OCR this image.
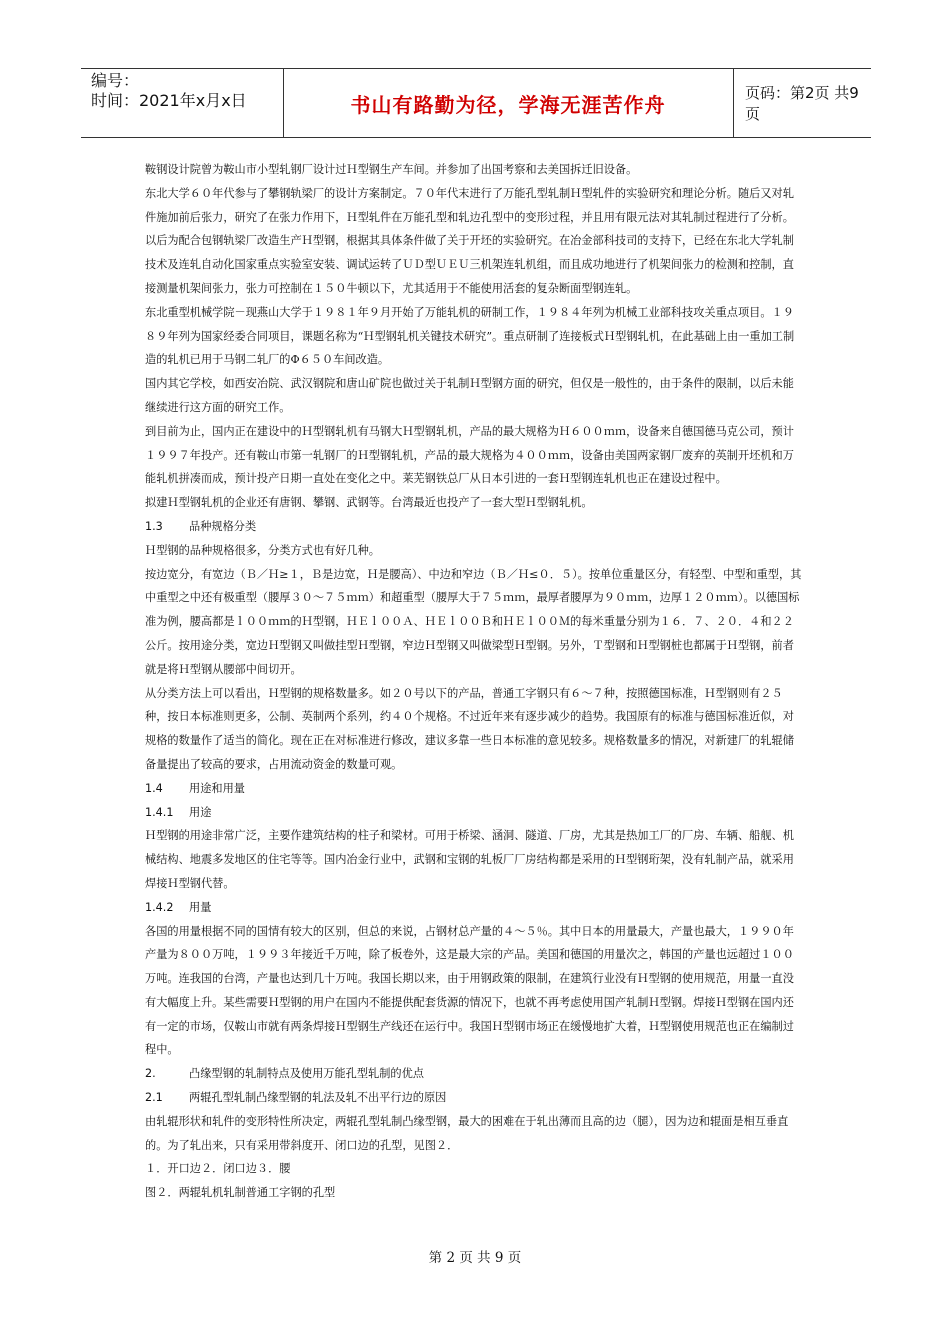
编号：
时间：2021年x月x日	书山有路勤为径，学海无涯苦作舟	页码：第2页 共9页

鞍钢设计院曾为鞍山市小型轧钢厂设计过Ｈ型钢生产车间。并参加了出国考察和去美国拆迁旧设备。

东北大学６０年代参与了攀钢轨梁厂的设计方案制定。７０年代末进行了万能孔型轧制Ｈ型轧件的实验研究和理论分析。随后又对轧件施加前后张力，研究了在张力作用下，Ｈ型轧件在万能孔型和轧边孔型中的变形过程，并且用有限元法对其轧制过程进行了分析。以后为配合包钢轨梁厂改造生产Ｈ型钢，根据其具体条件做了关于开坯的实验研究。在冶金部科技司的支持下，已经在东北大学轧制技术及连轧自动化国家重点实验室安装、调试运转了ＵＤ型ＵＥＵ三机架连轧机组，而且成功地进行了机架间张力的检测和控制，直接测量机架间张力，张力可控制在１５０牛顿以下，尤其适用于不能使用活套的复杂断面型钢连轧。

东北重型机械学院－现燕山大学于１９８１年９月开始了万能轧机的研制工作，１９８４年列为机械工业部科技攻关重点项目。１９８９年列为国家经委合同项目，课题名称为“Ｈ型钢轧机关键技术研究”。重点研制了连接板式Ｈ型钢轧机，在此基础上由一重加工制造的轧机已用于马钢二轧厂的Φ６５０车间改造。

国内其它学校，如西安冶院、武汉钢院和唐山矿院也做过关于轧制Ｈ型钢方面的研究，但仅是一般性的，由于条件的限制，以后未能继续进行这方面的研究工作。

到目前为止，国内正在建设中的Ｈ型钢轧机有马钢大Ｈ型钢轧机，产品的最大规格为Ｈ６００ｍｍ，设备来自德国德马克公司，预计１９９７年投产。还有鞍山市第一轧钢厂的Ｈ型钢轧机，产品的最大规格为４００ｍｍ，设备由美国两家钢厂废弃的英制开坯机和万能轧机拼凑而成，预计投产日期一直处在变化之中。莱芜钢铁总厂从日本引进的一套Ｈ型钢连轧机也正在建设过程中。

拟建Ｈ型钢轧机的企业还有唐钢、攀钢、武钢等。台湾最近也投产了一套大型Ｈ型钢轧机。

1.3 品种规格分类

Ｈ型钢的品种规格很多，分类方式也有好几种。

按边宽分，有宽边（Ｂ／Ｈ≥１，Ｂ是边宽，Ｈ是腰高）、中边和窄边（Ｂ／Ｈ≤０．５）。按单位重量区分，有轻型、中型和重型，其中重型之中还有极重型（腰厚３０～７５ｍｍ）和超重型（腰厚大于７５ｍｍ，最厚者腰厚为９０ｍｍ，边厚１２０ｍｍ）。以德国标准为例，腰高都是ｌ００ｍｍ的Ｈ型钢，ＨＥｌ００Ａ、ＨＥｌ００Ｂ和ＨＥｌ００Ｍ的每米重量分别为１６．７、２０．４和２２公斤。按用途分类，宽边Ｈ型钢又叫做挂型Ｈ型钢，窄边Ｈ型钢又叫做梁型Ｈ型钢。另外，Ｔ型钢和Ｈ型钢桩也都属于Ｈ型钢，前者就是将Ｈ型钢从腰部中间切开。

从分类方法上可以看出，Ｈ型钢的规格数量多。如２０号以下的产品，普通工字钢只有６～７种，按照德国标准，Ｈ型钢则有２５种，按日本标准则更多，公制、英制两个系列，约４０个规格。不过近年来有逐步减少的趋势。我国原有的标准与德国标准近似，对规格的数量作了适当的简化。现在正在对标准进行修改，建议多靠一些日本标准的意见较多。规格数量多的情况，对新建厂的轧辊储备量提出了较高的要求，占用流动资金的数量可观。

1.4 用途和用量

1.4.1 用途

Ｈ型钢的用途非常广泛，主要作建筑结构的柱子和梁材。可用于桥梁、涵洞、隧道、厂房，尤其是热加工厂的厂房、车辆、船舰、机械结构、地震多发地区的住宅等等。国内冶金行业中，武钢和宝钢的轧板厂厂房结构都是采用的Ｈ型钢珩架，没有轧制产品，就采用焊接Ｈ型钢代替。

1.4.2 用量

各国的用量根据不同的国情有较大的区别，但总的来说，占钢材总产量的４～５％。其中日本的用量最大，产量也最大，１９９０年产量为８００万吨，１９９３年接近千万吨，除了板卷外，这是最大宗的产品。美国和德国的用量次之，韩国的产量也远超过１００万吨。连我国的台湾，产量也达到几十万吨。我国长期以来，由于用钢政策的限制，在建筑行业没有Ｈ型钢的使用规范，用量一直没有大幅度上升。某些需要Ｈ型钢的用户在国内不能提供配套货源的情况下，也就不再考虑使用国产轧制Ｈ型钢。焊接Ｈ型钢在国内还有一定的市场，仅鞍山市就有两条焊接Ｈ型钢生产线还在运行中。我国Ｈ型钢市场正在缓慢地扩大着，Ｈ型钢使用规范也正在编制过程中。

2.	凸缘型钢的轧制特点及使用万能孔型轧制的优点

2.1 两辊孔型轧制凸缘型钢的轧法及轧不出平行边的原因

由轧辊形状和轧件的变形特性所决定，两辊孔型轧制凸缘型钢，最大的困难在于轧出薄而且高的边（腿），因为边和辊面是相互垂直的。为了轧出来，只有采用带斜度开、闭口边的孔型，见图２．

１．开口边２．闭口边３．腰

图２．两辊轧机轧制普通工字钢的孔型

第 2 页 共 9 页
